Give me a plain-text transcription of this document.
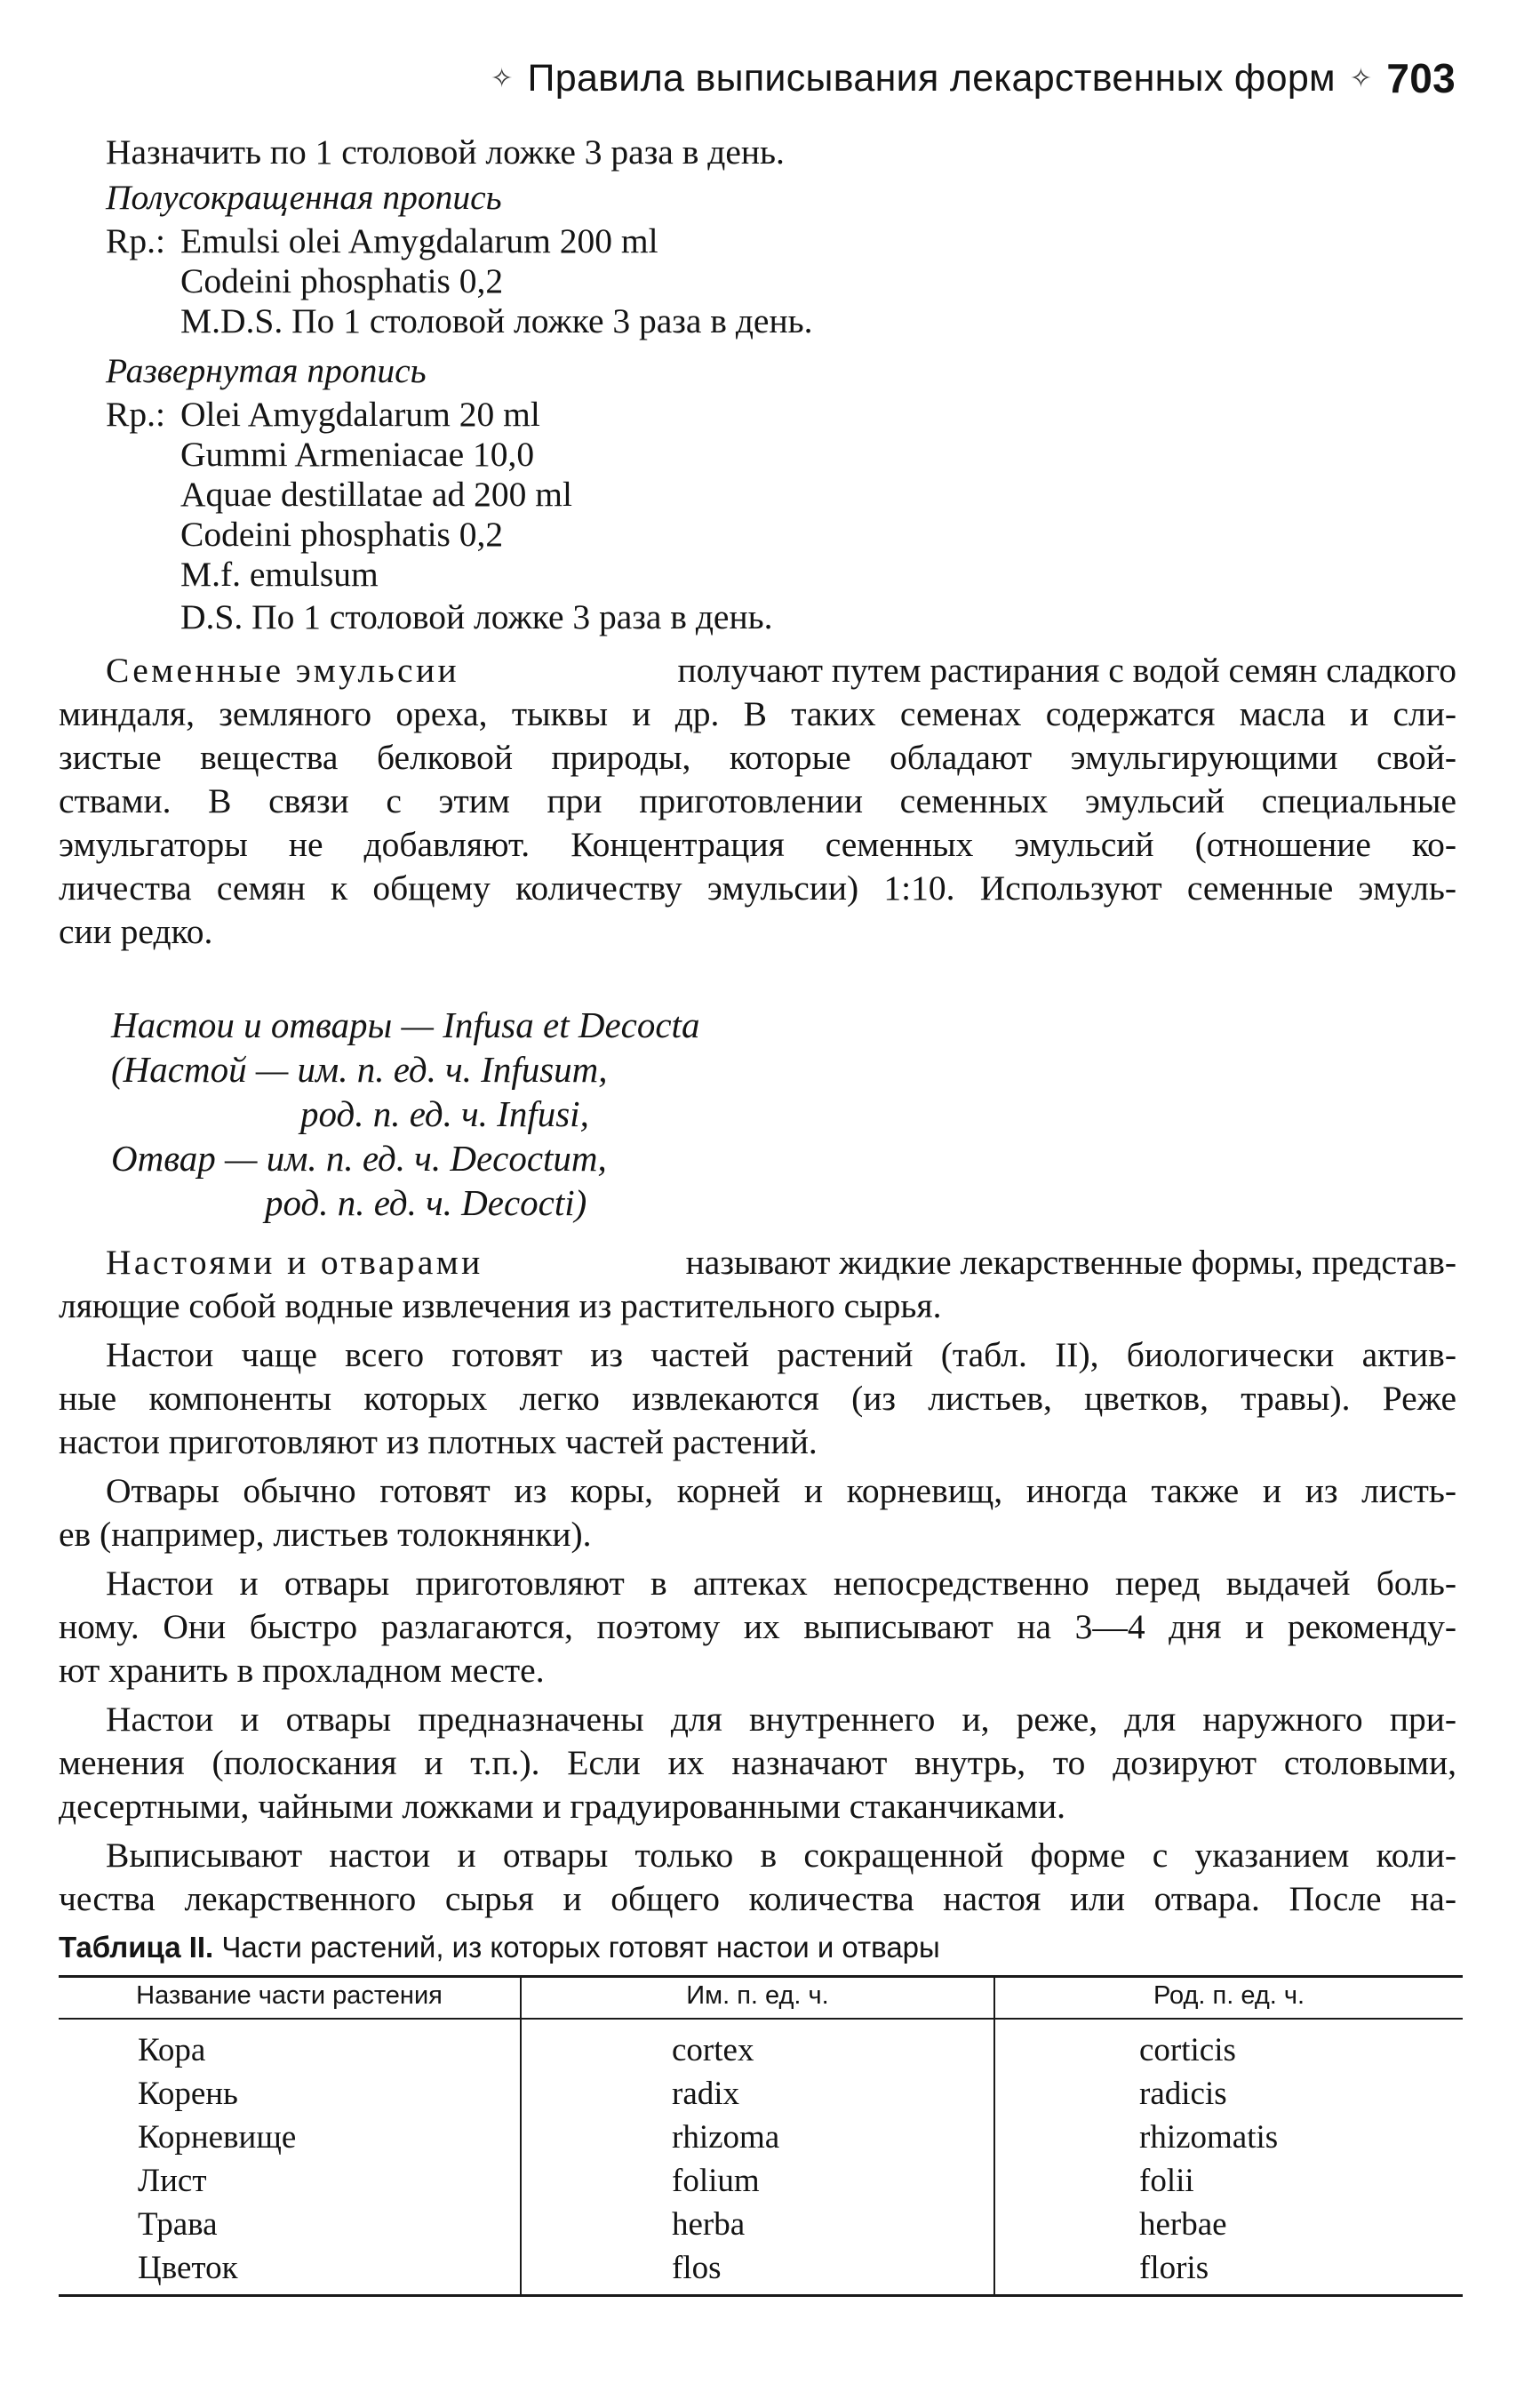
✧ Правила выписывания лекарственных форм ✧ 703
Назначить по 1 столовой ложке 3 раза в день.
Полусокращенная пропись
Rp.: Emulsi olei Amygdalarum 200 ml
Codeini phosphatis 0,2
M.D.S. По 1 столовой ложке 3 раза в день.
Развернутая пропись
Rp.: Olei Amygdalarum 20 ml
Gummi Armeniacae 10,0
Aquae destillatae ad 200 ml
Codeini phosphatis 0,2
M.f. emulsum
D.S. По 1 столовой ложке 3 раза в день.
Семенные эмульсии	получают путем растирания с водой семян сладкого
миндаля, земляного ореха, тыквы и др. В таких семенах содержатся масла и сли-
зистые вещества белковой природы, которые обладают эмульгирующими свой-
ствами. В связи с этим при приготовлении семенных эмульсий специальные
эмульгаторы не добавляют. Концентрация семенных эмульсий (отношение ко-
личества семян к общему количеству эмульсии) 1:10. Используют семенные эмуль-
сии редко.
Настои и отвары — Infusa et Decocta
(Настой — им. п. ед. ч. Infusum,
род. п. ед. ч. Infusi,
Отвар — им. п. ед. ч. Decoctum,
род. п. ед. ч. Decocti)
Настоями и отварами	называют жидкие лекарственные формы, представ-
ляющие собой водные извлечения из растительного сырья.
Настои чаще всего готовят из частей растений (табл. II), биологически актив-
ные компоненты которых легко извлекаются (из листьев, цветков, травы). Реже
настои приготовляют из плотных частей растений.
Отвары обычно готовят из коры, корней и корневищ, иногда также и из листь-
ев (например, листьев толокнянки).
Настои и отвары приготовляют в аптеках непосредственно перед выдачей боль-
ному. Они быстро разлагаются, поэтому их выписывают на 3—4 дня и рекоменду-
ют хранить в прохладном месте.
Настои и отвары предназначены для внутреннего и, реже, для наружного при-
менения (полоскания и т.п.). Если их назначают внутрь, то дозируют столовыми,
десертными, чайными ложками и градуированными стаканчиками.
Выписывают настои и отвары только в сокращенной форме с указанием коли-
чества лекарственного сырья и общего количества настоя или отвара. После на-
Таблица II. Части растений, из которых готовят настои и отвары
Название части растения	Им. п. ед. ч.	Род. п. ед. ч.
Кора	cortex	corticis
Корень	radix	radicis
Корневище	rhizoma	rhizomatis
Лист	folium	folii
Трава	herba	herbae
Цветок	flos	floris
